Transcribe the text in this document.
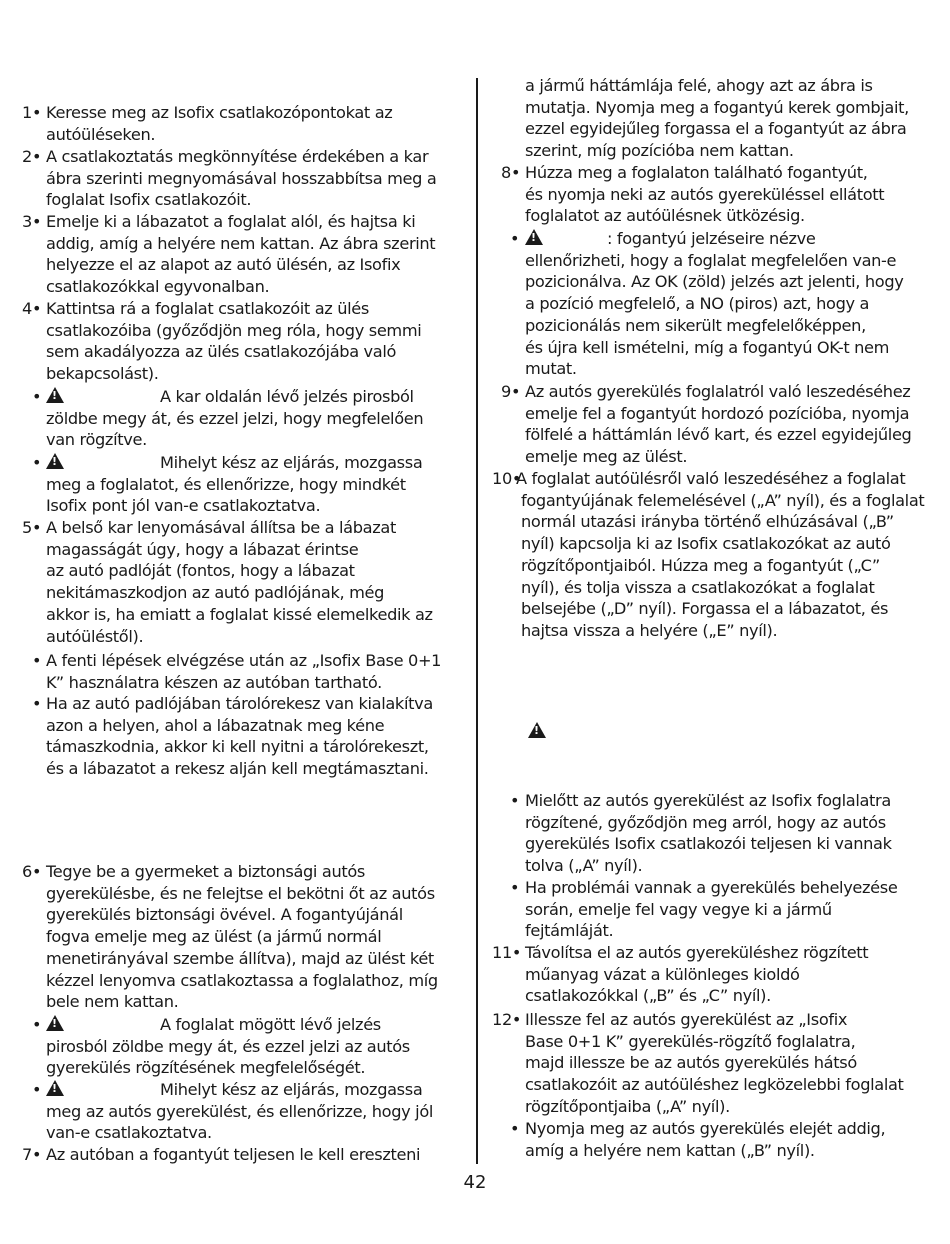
1• Keresse meg az Isofix csatlakozópontokat az
autóüléseken.
2• A csatlakoztatás megkönnyítése érdekében a kar
ábra szerinti megnyomásával hosszabbítsa meg a
foglalat Isofix csatlakozóit.
3• Emelje ki a lábazatot a foglalat alól, és hajtsa ki
addig, amíg a helyére nem kattan. Az ábra szerint
helyezze el az alapot az autó ülésén, az Isofix
csatlakozókkal egyvonalban.
4• Kattintsa rá a foglalat csatlakozóit az ülés
csatlakozóiba (győződjön meg róla, hogy semmi
sem akadályozza az ülés csatlakozójába való
bekapcsolást).
• !	A kar oldalán lévő jelzés pirosból
zöldbe megy át, és ezzel jelzi, hogy megfelelően
van rögzítve.
• !	Mihelyt kész az eljárás, mozgassa
meg a foglalatot, és ellenőrizze, hogy mindkét
Isofix pont jól van-e csatlakoztatva.
5• A belső kar lenyomásával állítsa be a lábazat
magasságát úgy, hogy a lábazat érintse
az autó padlóját (fontos, hogy a lábazat
nekitámaszkodjon az autó padlójának, még
akkor is, ha emiatt a foglalat kissé elemelkedik az
autóüléstől).
• A fenti lépések elvégzése után az „Isofix Base 0+1
K” használatra készen az autóban tartható.
• Ha az autó padlójában tárolórekesz van kialakítva
azon a helyen, ahol a lábazatnak meg kéne
támaszkodnia, akkor ki kell nyitni a tárolórekeszt,
és a lábazatot a rekesz alján kell megtámasztani.
6• Tegye be a gyermeket a biztonsági autós
gyerekülésbe, és ne felejtse el bekötni őt az autós
gyerekülés biztonsági övével. A fogantyújánál
fogva emelje meg az ülést (a jármű normál
menetirányával szembe állítva), majd az ülést két
kézzel lenyomva csatlakoztassa a foglalathoz, míg
bele nem kattan.
• !	A foglalat mögött lévő jelzés
pirosból zöldbe megy át, és ezzel jelzi az autós
gyerekülés rögzítésének megfelelőségét.
• !	Mihelyt kész az eljárás, mozgassa
meg az autós gyerekülést, és ellenőrizze, hogy jól
van-e csatlakoztatva.
7• Az autóban a fogantyút teljesen le kell ereszteni
a jármű háttámlája felé, ahogy azt az ábra is
mutatja. Nyomja meg a fogantyú kerek gombjait,
ezzel egyidejűleg forgassa el a fogantyút az ábra
szerint, míg pozícióba nem kattan.
8• Húzza meg a foglalaton található fogantyút,
és nyomja neki az autós gyereküléssel ellátott
foglalatot az autóülésnek ütközésig.
• !	: fogantyú jelzéseire nézve
ellenőrizheti, hogy a foglalat megfelelően van-e
pozicionálva. Az OK (zöld) jelzés azt jelenti, hogy
a pozíció megfelelő, a NO (piros) azt, hogy a
pozicionálás nem sikerült megfelelőképpen,
és újra kell ismételni, míg a fogantyú OK-t nem
mutat.
9• Az autós gyerekülés foglalatról való leszedéséhez
emelje fel a fogantyút hordozó pozícióba, nyomja
fölfelé a háttámlán lévő kart, és ezzel egyidejűleg
emelje meg az ülést.
10•
A foglalat autóülésről való leszedéséhez a foglalat
fogantyújának felemelésével („A” nyíl), és a foglalat
normál utazási irányba történő elhúzásával („B”
nyíl) kapcsolja ki az Isofix csatlakozókat az autó
rögzítőpontjaiból. Húzza meg a fogantyút („C”
nyíl), és tolja vissza a csatlakozókat a foglalat
belsejébe („D” nyíl). Forgassa el a lábazatot, és
hajtsa vissza a helyére („E” nyíl).
• Mielőtt az autós gyerekülést az Isofix foglalatra
rögzítené, győződjön meg arról, hogy az autós
gyerekülés Isofix csatlakozói teljesen ki vannak
tolva („A” nyíl).
• Ha problémái vannak a gyerekülés behelyezése
során, emelje fel vagy vegye ki a jármű
fejtámláját.
11• Távolítsa el az autós gyereküléshez rögzített
műanyag vázat a különleges kioldó
csatlakozókkal („B” és „C” nyíl).
12• Illessze fel az autós gyerekülést az „Isofix
Base 0+1 K” gyerekülés-rögzítő foglalatra,
majd illessze be az autós gyerekülés hátsó
csatlakozóit az autóüléshez legközelebbi foglalat
rögzítőpontjaiba („A” nyíl).
• Nyomja meg az autós gyerekülés elejét addig,
amíg a helyére nem kattan („B” nyíl).
!
42
